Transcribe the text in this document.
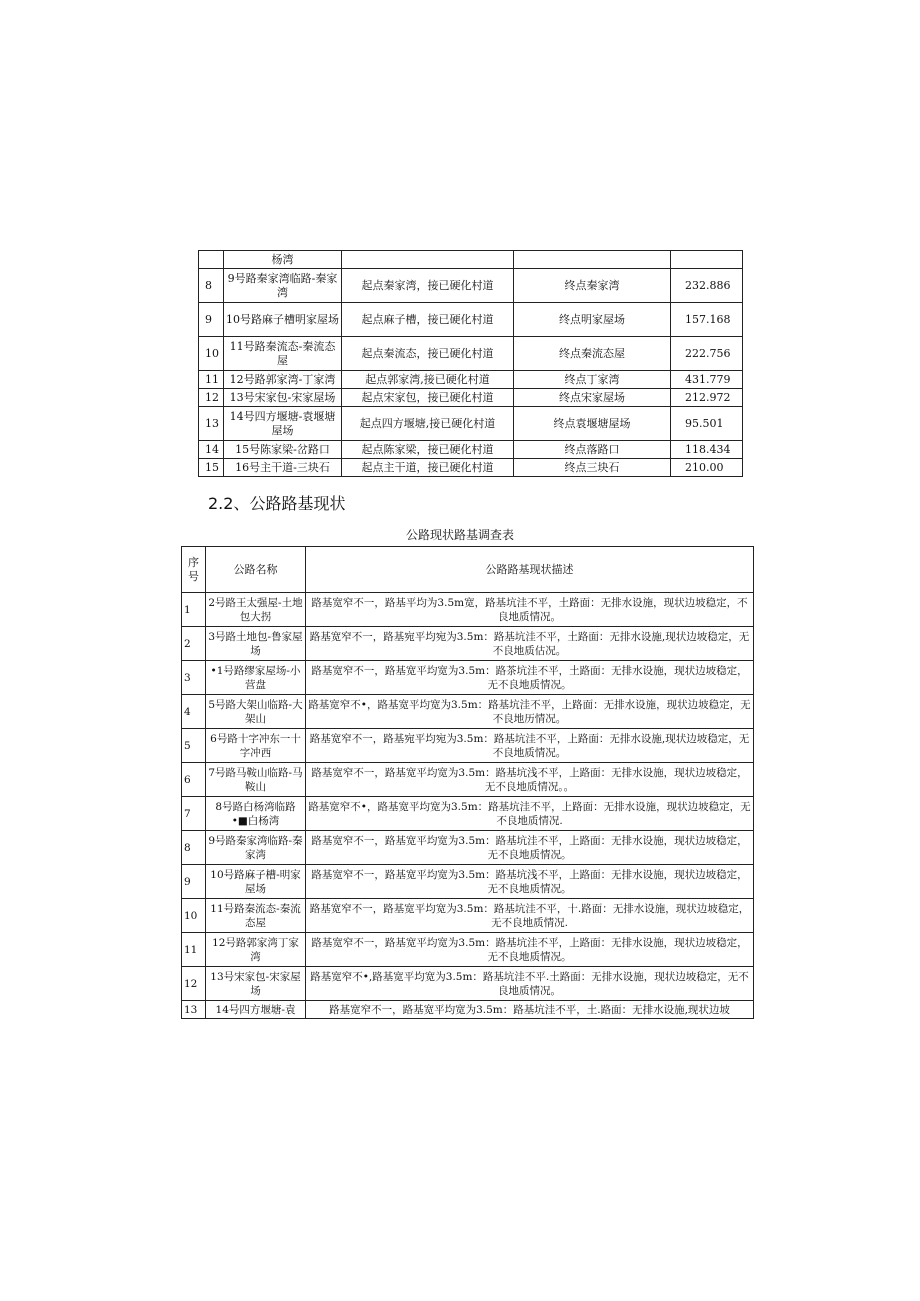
	杨湾			
8	9号路秦家湾临路-秦家湾	起点秦家湾，接已硬化村道	终点秦家湾	232.886
9	10号路麻子槽明家屋场	起点麻子槽，接已硬化村道	终点明家屋场	157.168
10	11号路秦流态-秦流态屋	起点秦流态，接已硬化村道	终点秦流态屋	222.756
11	12号路郭家湾-丁家湾	起点郭家湾,接已硬化村道	终点丁家湾	431.779
12	13号宋家包-宋家屋场	起点宋家包，接已硬化村道	终点宋家屋场	212.972
13	14号四方堰塘-袁堰塘屋场	起点四方堰塘,接已硬化村道	终点袁堰塘屋场	95.501
14	15号陈家梁-岔路口	起点陈家梁，接已硬化村道	终点落路口	118.434
15	16号主干道-三块石	起点主干道，接已硬化村道	终点三块石	210.00
2.2、公路路基现状
公路现状路基调查表
序号	公路名称	公路路基现状描述
1	2号路王太强屋-土地包大拐	路基宽窄不一，路基平均为3.5m宽，路基坑洼不平，土路面：无排水设施，现状边坡稳定，不良地质情况。
2	3号路土地包-鲁家屋场	路基宽窄不一，路基宛平均宛为3.5m：路基坑洼不平，土路面：无排水设施,现状边坡稳定，无不良地质估况。
3	•1号路缪家屋场-小营盘	路基宽窄不一，路基宽平均宽为3.5m：路茶坑洼不平，土路面：无排水设施，现状边坡稳定，无不良地质情况。
4	5号路大架山临路-大架山	路基宽窄不•，路基宽平均宽为3.5m：路基坑洼不平，上路面：无排水设施，现状边坡稳定，无不良地历情况。
5	6号路十字冲东一十字冲西	路基宽窄不一，路基宛平均宛为3.5m：路基坑洼不平，上路面：无排水设施,现状边坡稳定，无不良地质情况。
6	7号路马鞍山临路-马鞍山	路基宽窄不一，路基宽平均宽为3.5m：路基坑浅不平，上路面：无排水设施，现状边坡稳定，无不良地质情况。。
7	8号路白杨湾临路•■白杨湾	路基宽窄不•，路基宽平均宽为3.5m：路基坑洼不平，上路面：无排水设施，现状边坡稳定，无不良地质情况.
8	9号路秦家湾临路-秦家湾	路基宽窄不一，路基宽平均宽为3.5m：路基坑洼不平，上路面：无排水设施，现状边坡稳定，无不良地质情况。
9	10号路麻子槽-明家屋场	路基宽窄不一，路基宽平均宽为3.5m：路基坑浅不平，上路面：无排水设施，现状边坡稳定，无不良地质情况。
10	11号路秦流态-秦流态屋	路基宽窄不一，路基宽平均宽为3.5m：路基坑洼不平，十.路面：无排水设施，现状边坡稳定，无不良地质情况.
11	12号路郭家湾丁家湾	路基宽窄不一，路基宽平均宽为3.5m：路基坑洼不平，上路面：无排水设施，现状边坡稳定，无不良地质情况。
12	13号宋家包-宋家屋场	路基宽窄不•,路基宽平均宽为3.5m：路基坑洼不平.土路面：无排水设施，现状边坡稳定，无不良地质情况。
13	14号四方堰塘-袁	路基宽窄不一，路基宽平均宽为3.5m：路基坑洼不平，土.路面：无排水设施,现状边坡
